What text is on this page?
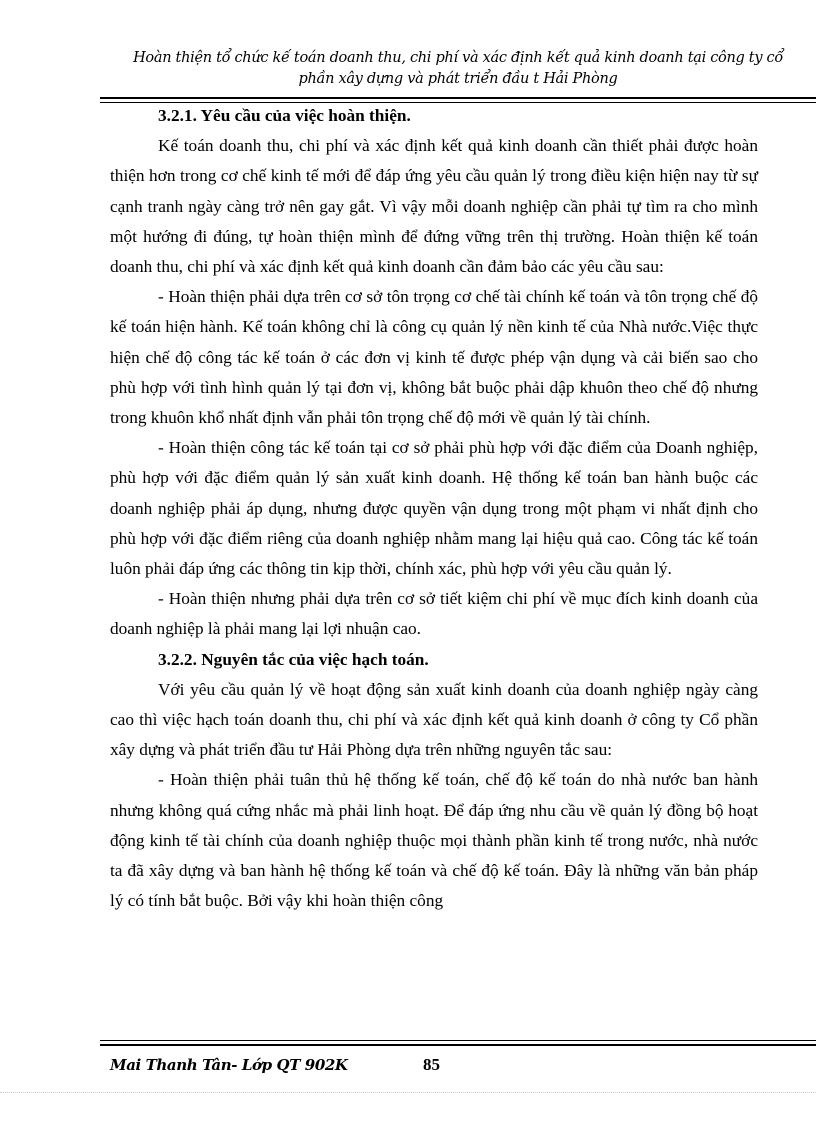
Hoàn thiện tổ chức kế toán doanh thu, chi phí và xác định kết quả kinh doanh tại công ty cổ
phần xây dựng và phát triển đầu t Hải Phòng
3.2.1. Yêu cầu của việc hoàn thiện.

Kế toán doanh thu, chi phí và xác định kết quả kinh doanh cần thiết phải được hoàn thiện hơn trong cơ chế kinh tế mới để đáp ứng yêu cầu quản lý trong điều kiện hiện nay từ sự cạnh tranh ngày càng trở nên gay gắt. Vì vậy mỗi doanh nghiệp cần phải tự tìm ra cho mình một hướng đi đúng, tự hoàn thiện mình để đứng vững trên thị trường. Hoàn thiện kế toán doanh thu, chi phí và xác định kết quả kinh doanh cần đảm bảo các yêu cầu sau:

- Hoàn thiện phải dựa trên cơ sở tôn trọng cơ chế tài chính kế toán và tôn trọng chế độ kế toán hiện hành. Kế toán không chỉ là công cụ quản lý nền kinh tế của Nhà nước.Việc thực hiện chế độ công tác kế toán ở các đơn vị kinh tế được phép vận dụng và cải biến sao cho phù hợp với tình hình quản lý tại đơn vị, không bắt buộc phải dập khuôn theo chế độ nhưng trong khuôn khổ nhất định vẫn phải tôn trọng chế độ mới về quản lý tài chính.

- Hoàn thiện công tác kế toán tại cơ sở phải phù hợp với đặc điểm của Doanh nghiệp, phù hợp với đặc điểm quản lý sản xuất kinh doanh. Hệ thống kế toán ban hành buộc các doanh nghiệp phải áp dụng, nhưng được quyền vận dụng trong một phạm vi nhất định cho phù hợp với đặc điểm riêng của doanh nghiệp nhằm mang lại hiệu quả cao. Công tác kế toán luôn phải đáp ứng các thông tin kịp thời, chính xác, phù hợp với yêu cầu quản lý.

- Hoàn thiện nhưng phải dựa trên cơ sở tiết kiệm chi phí về mục đích kinh doanh của doanh nghiệp là phải mang lại lợi nhuận cao.

3.2.2. Nguyên tắc của việc hạch toán.

Với yêu cầu quản lý về hoạt động sản xuất kinh doanh của doanh nghiệp ngày càng cao thì việc hạch toán doanh thu, chi phí và xác định kết quả kinh doanh ở công ty Cổ phần xây dựng và phát triển đầu tư Hải Phòng dựa trên những nguyên tắc sau:

- Hoàn thiện phải tuân thủ hệ thống kế toán, chế độ kế toán do nhà nước ban hành nhưng không quá cứng nhắc mà phải linh hoạt. Để đáp ứng nhu cầu về quản lý đồng bộ hoạt động kinh tế tài chính của doanh nghiệp thuộc mọi thành phần kinh tế trong nước, nhà nước ta đã xây dựng và ban hành hệ thống kế toán và chế độ kế toán. Đây là những văn bản pháp lý có tính bắt buộc. Bởi vậy khi hoàn thiện công

Mai Thanh Tân- Lớp QT 902K	85
